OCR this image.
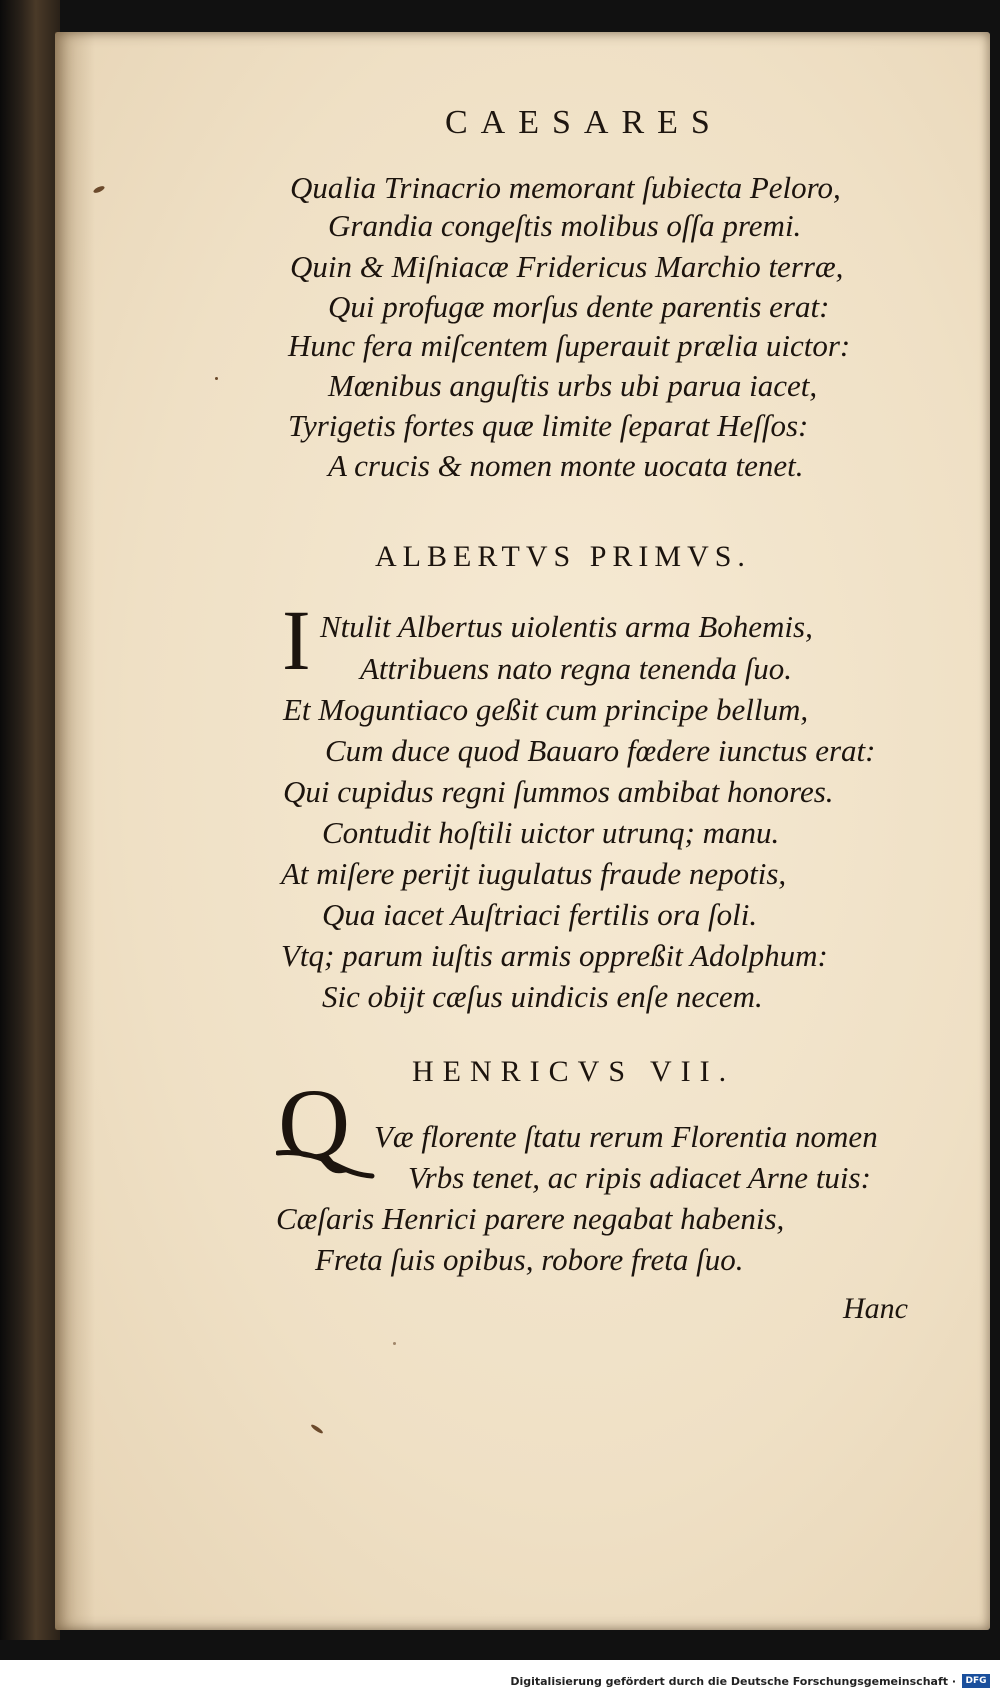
CAESARES

Qualia Trinacrio memorant ſubiecta Peloro,

Grandia congeſtis molibus oſſa premi.

Quin & Miſniacæ Fridericus Marchio terræ,

Qui profugæ morſus dente parentis erat:

Hunc fera miſcentem ſuperauit prælia uictor:

Mœnibus anguſtis urbs ubi parua iacet,

Tyrigetis fortes quæ limite ſeparat Heſſos:

A crucis & nomen monte uocata tenet.

ALBERTVS PRIMVS.
I Ntulit Albertus uiolentis arma Bohemis,

Attribuens nato regna tenenda ſuo.

Et Moguntiaco geßit cum principe bellum,

Cum duce quod Bauaro fœdere iunctus erat:

Qui cupidus regni ſummos ambibat honores.

Contudit hoſtili uictor utrunq; manu.

At miſere perijt iugulatus fraude nepotis,

Qua iacet Auſtriaci fertilis ora ſoli.

Vtq; parum iuſtis armis oppreßit Adolphum:

Sic obijt cæſus uindicis enſe necem.

HENRICVS VII.
Q Væ florente ſtatu rerum Florentia nomen

Vrbs tenet, ac ripis adiacet Arne tuis:

Cæſaris Henrici parere negabat habenis,

Freta ſuis opibus, robore freta ſuo.

Hanc

Digitalisierung gefördert durch die Deutsche Forschungsgemeinschaft ·	DFG
